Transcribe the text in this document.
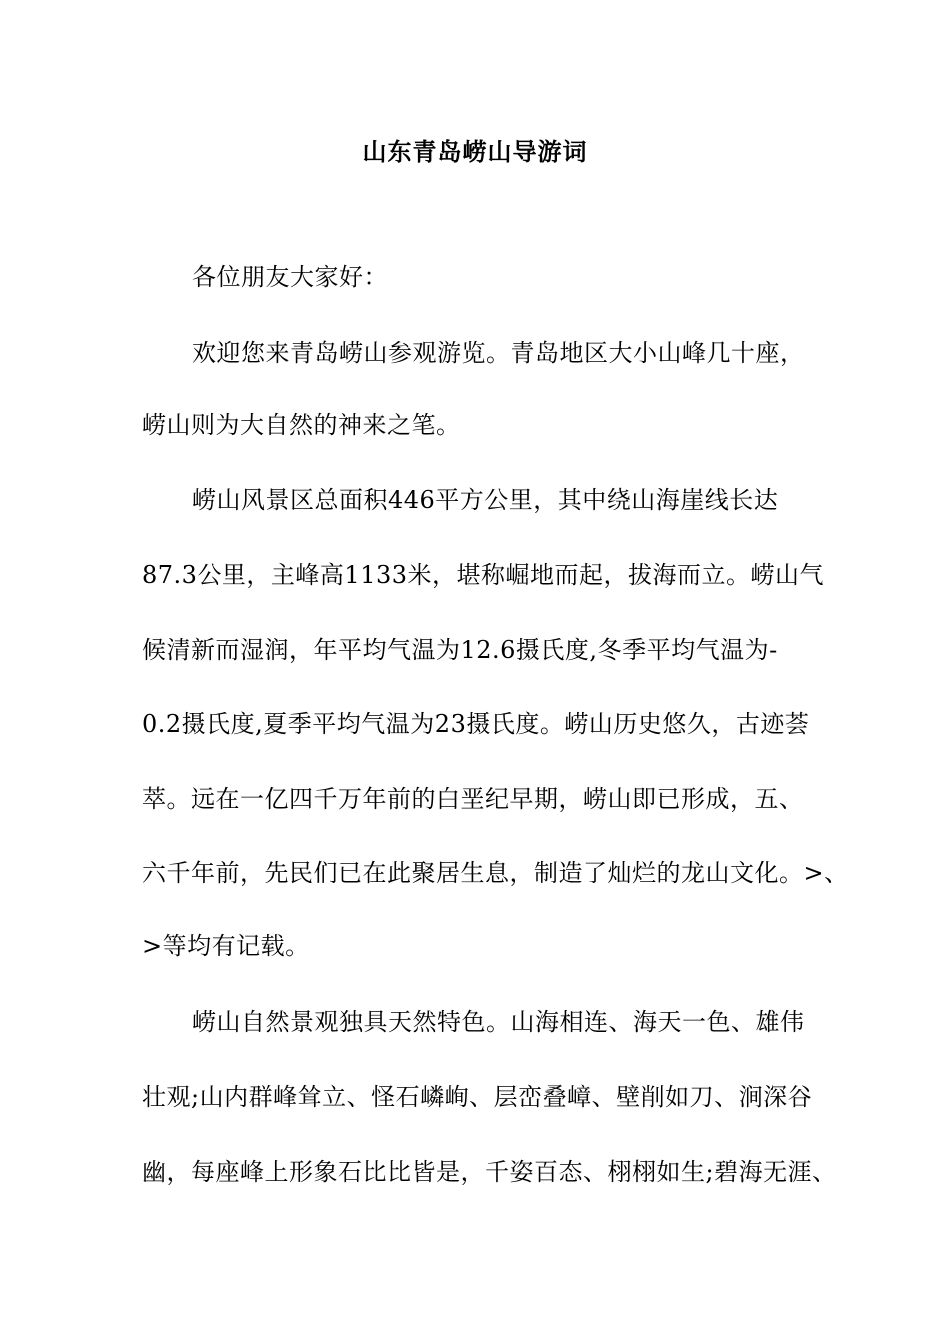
山东青岛崂山导游词
各位朋友大家好：
欢迎您来青岛崂山参观游览。青岛地区大小山峰几十座，
崂山则为大自然的神来之笔。
崂山风景区总面积446平方公里，其中绕山海崖线长达
87.3公里，主峰高1133米，堪称崛地而起，拔海而立。崂山气
候清新而湿润，年平均气温为12.6摄氏度,冬季平均气温为-
0.2摄氏度,夏季平均气温为23摄氏度。崂山历史悠久，古迹荟
萃。远在一亿四千万年前的白垩纪早期，崂山即已形成，五、
六千年前，先民们已在此聚居生息，制造了灿烂的龙山文化。>、
>等均有记载。
崂山自然景观独具天然特色。山海相连、海天一色、雄伟
壮观;山内群峰耸立、怪石嶙峋、层峦叠嶂、壁削如刀、涧深谷
幽，每座峰上形象石比比皆是，千姿百态、栩栩如生;碧海无涯、
